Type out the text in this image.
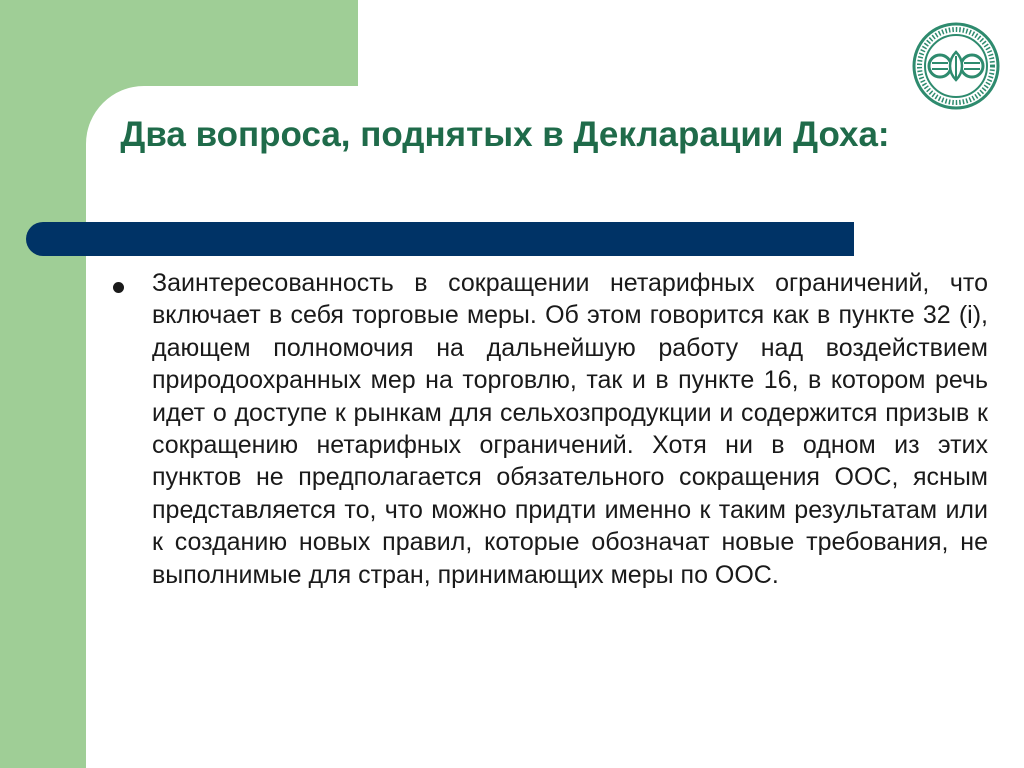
Два вопроса, поднятых в Декларации Доха:

Заинтересованность в сокращении нетарифных ограничений, что включает в себя торговые меры. Об этом говорится как в пункте 32 (i), дающем полномочия на дальнейшую работу над воздействием природоохранных мер на торговлю, так и в пункте 16, в котором речь идет о доступе к рынкам для сельхозпродукции и содержится призыв к сокращению нетарифных ограничений. Хотя ни в одном из этих пунктов не предполагается обязательного сокращения ООС, ясным представляется то, что можно придти именно к таким результатам или к созданию новых правил, которые обозначат новые требования, не выполнимые для стран, принимающих меры по ООС.
